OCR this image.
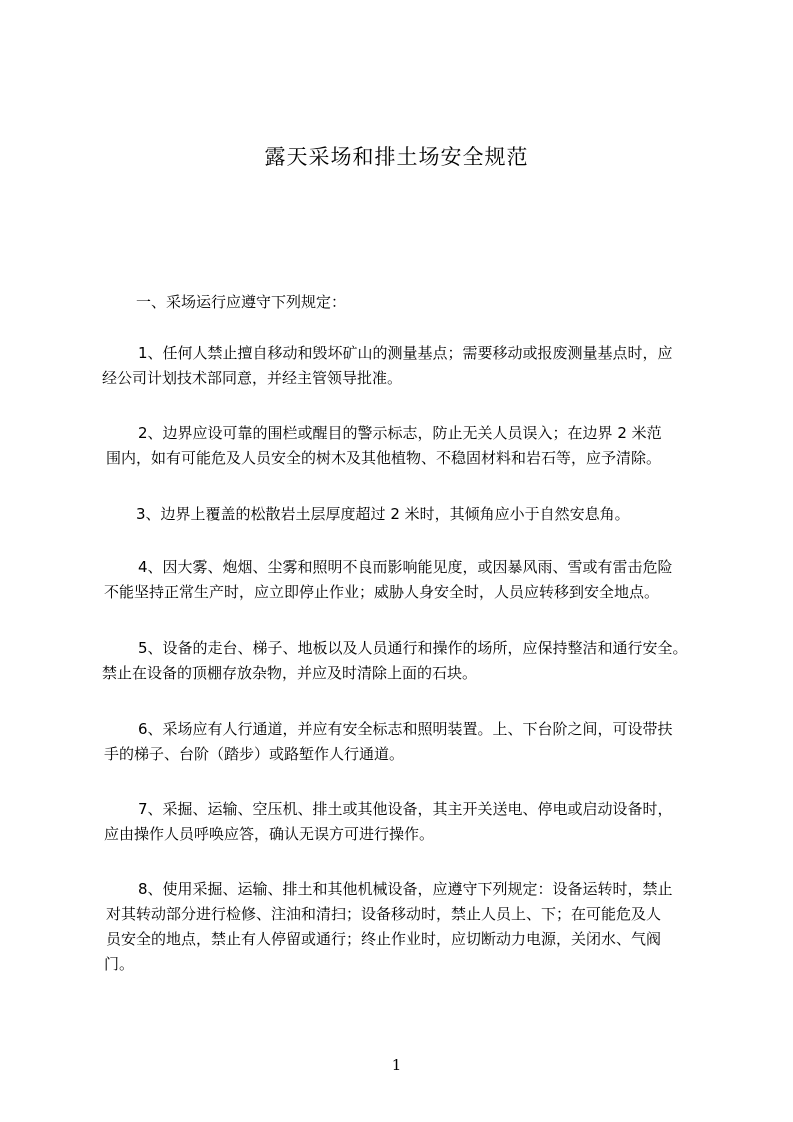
露天采场和排土场安全规范
一、采场运行应遵守下列规定：
1、任何人禁止擅自移动和毁坏矿山的测量基点；需要移动或报废测量基点时，应
经公司计划技术部同意，并经主管领导批准。
2、边界应设可靠的围栏或醒目的警示标志，防止无关人员误入；在边界 2 米范
围内，如有可能危及人员安全的树木及其他植物、不稳固材料和岩石等，应予清除。
3、边界上覆盖的松散岩土层厚度超过 2 米时，其倾角应小于自然安息角。
4、因大雾、炮烟、尘雾和照明不良而影响能见度，或因暴风雨、雪或有雷击危险
不能坚持正常生产时，应立即停止作业；威胁人身安全时，人员应转移到安全地点。
5、设备的走台、梯子、地板以及人员通行和操作的场所，应保持整洁和通行安全。
禁止在设备的顶棚存放杂物，并应及时清除上面的石块。
6、采场应有人行通道，并应有安全标志和照明装置。上、下台阶之间，可设带扶
手的梯子、台阶（踏步）或路堑作人行通道。
7、采掘、运输、空压机、排土或其他设备，其主开关送电、停电或启动设备时，
应由操作人员呼唤应答，确认无误方可进行操作。
8、使用采掘、运输、排土和其他机械设备，应遵守下列规定：设备运转时，禁止
对其转动部分进行检修、注油和清扫；设备移动时，禁止人员上、下；在可能危及人
员安全的地点，禁止有人停留或通行；终止作业时，应切断动力电源，关闭水、气阀
门。
1
